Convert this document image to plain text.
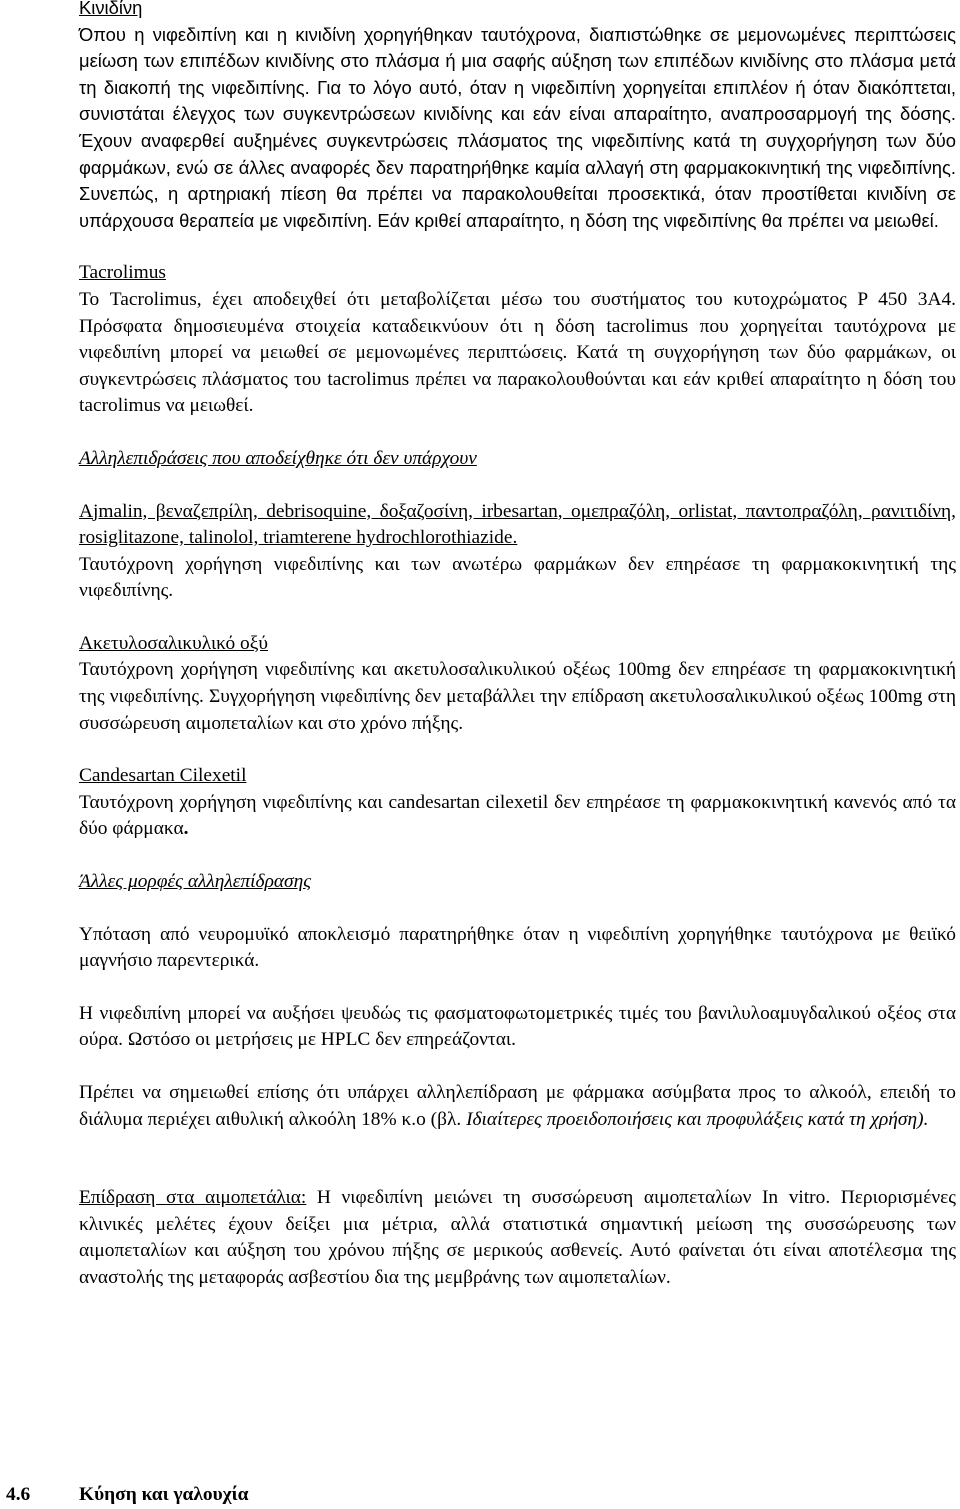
Κινιδίνη

Όπου η νιφεδιπίνη και η κινιδίνη χορηγήθηκαν ταυτόχρονα, διαπιστώθηκε σε μεμονωμένες περιπτώσεις μείωση των επιπέδων κινιδίνης στο πλάσμα ή μια σαφής αύξηση των επιπέδων κινιδίνης στο πλάσμα μετά τη διακοπή της νιφεδιπίνης. Για το λόγο αυτό, όταν η νιφεδιπίνη χορηγείται επιπλέον ή όταν διακόπτεται, συνιστάται έλεγχος των συγκεντρώσεων κινιδίνης και εάν είναι απαραίτητο, αναπροσαρμογή της δόσης. Έχουν αναφερθεί αυξημένες συγκεντρώσεις πλάσματος της νιφεδιπίνης κατά τη συγχορήγηση των δύο φαρμάκων, ενώ σε άλλες αναφορές δεν παρατηρήθηκε καμία αλλαγή στη φαρμακοκινητική της νιφεδιπίνης. Συνεπώς, η αρτηριακή πίεση θα πρέπει να παρακολουθείται προσεκτικά, όταν προστίθεται κινιδίνη σε υπάρχουσα θεραπεία με νιφεδιπίνη. Εάν κριθεί απαραίτητο, η δόση της νιφεδιπίνης θα πρέπει να μειωθεί.

Tacrolimus

Το Tacrolimus, έχει αποδειχθεί ότι μεταβολίζεται μέσω του συστήματος του κυτοχρώματος P 450 3A4. Πρόσφατα δημοσιευμένα στοιχεία καταδεικνύουν ότι η δόση tacrolimus που χορηγείται ταυτόχρονα με νιφεδιπίνη μπορεί να μειωθεί σε μεμονωμένες περιπτώσεις. Κατά τη συγχορήγηση των δύο φαρμάκων, οι συγκεντρώσεις πλάσματος του tacrolimus πρέπει να παρακολουθούνται και εάν κριθεί απαραίτητο η δόση του tacrolimus να μειωθεί.

Αλληλεπιδράσεις που αποδείχθηκε ότι δεν υπάρχουν

Ajmalin, βεναζεπρίλη, debrisoquine, δοξαζοσίνη, irbesartan, ομεπραζόλη, orlistat, παντοπραζόλη, ρανιτιδίνη, rosiglitazone, talinolol, triamterene hydrochlorothiazide.

Ταυτόχρονη χορήγηση νιφεδιπίνης και των ανωτέρω φαρμάκων δεν επηρέασε τη φαρμακοκινητική της νιφεδιπίνης.

Ακετυλοσαλικυλικό οξύ

Ταυτόχρονη χορήγηση νιφεδιπίνης και ακετυλοσαλικυλικού οξέως 100mg δεν επηρέασε τη φαρμακοκινητική της νιφεδιπίνης. Συγχορήγηση νιφεδιπίνης δεν μεταβάλλει την επίδραση ακετυλοσαλικυλικού οξέως 100mg στη συσσώρευση αιμοπεταλίων και στο χρόνο πήξης.

Candesartan Cilexetil

Ταυτόχρονη χορήγηση νιφεδιπίνης και candesartan cilexetil δεν επηρέασε τη φαρμακοκινητική κανενός από τα δύο φάρμακα.

Άλλες μορφές αλληλεπίδρασης

Υπόταση από νευρομυϊκό αποκλεισμό παρατηρήθηκε όταν η νιφεδιπίνη χορηγήθηκε ταυτόχρονα με θειϊκό μαγνήσιο παρεντερικά.

Η νιφεδιπίνη μπορεί να αυξήσει ψευδώς τις φασματοφωτομετρικές τιμές του βανιλυλοαμυγδαλικού οξέος στα ούρα. Ωστόσο οι μετρήσεις με HPLC δεν επηρεάζονται.

Πρέπει να σημειωθεί επίσης ότι υπάρχει αλληλεπίδραση με φάρμακα ασύμβατα προς το αλκοόλ, επειδή το διάλυμα περιέχει αιθυλική αλκοόλη 18% κ.ο (βλ. Ιδιαίτερες προειδοποιήσεις και προφυλάξεις κατά τη χρήση).

Επίδραση στα αιμοπετάλια: Η νιφεδιπίνη μειώνει τη συσσώρευση αιμοπεταλίων In vitro. Περιορισμένες κλινικές μελέτες έχουν δείξει μια μέτρια, αλλά στατιστικά σημαντική μείωση της συσσώρευσης των αιμοπεταλίων και αύξηση του χρόνου πήξης σε μερικούς ασθενείς. Αυτό φαίνεται ότι είναι αποτέλεσμα της αναστολής της μεταφοράς ασβεστίου δια της μεμβράνης των αιμοπεταλίων.

4.6	Κύηση και γαλουχία
